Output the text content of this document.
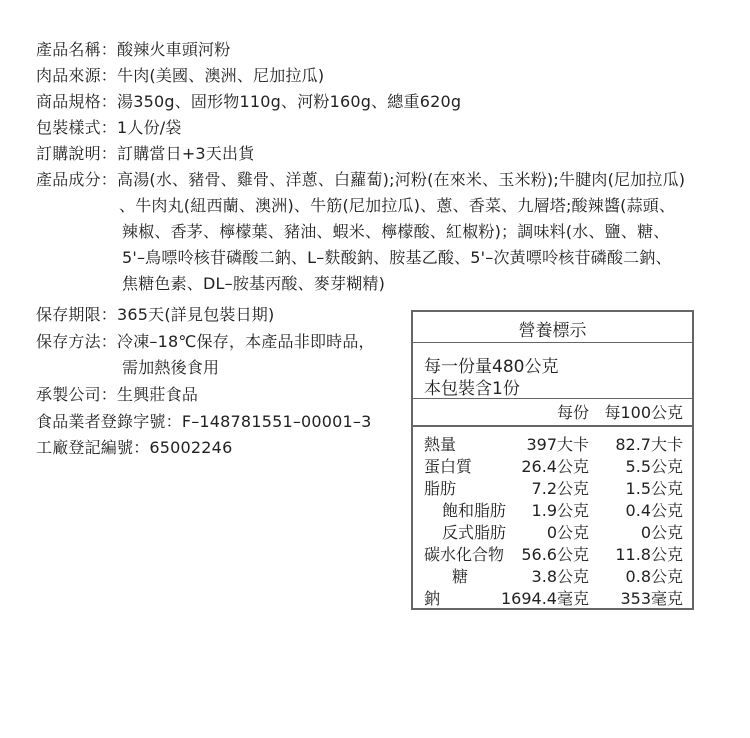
產品名稱：酸辣火車頭河粉
肉品來源：牛肉(美國、澳洲、尼加拉瓜)
商品規格：湯350g、固形物110g、河粉160g、總重620g
包裝樣式：1人份/袋
訂購說明：訂購當日+3天出貨
產品成分：高湯(水、豬骨、雞骨、洋蔥、白蘿蔔);河粉(在來米、玉米粉);牛腱肉(尼加拉瓜)
、牛肉丸(紐西蘭、澳洲)、牛筋(尼加拉瓜)、蔥、香菜、九層塔;酸辣醬(蒜頭、
辣椒、香茅、檸檬葉、豬油、蝦米、檸檬酸、紅椒粉)；調味料(水、鹽、糖、
5'–鳥嘌呤核苷磷酸二鈉、L–麩酸鈉、胺基乙酸、5'–次黃嘌呤核苷磷酸二鈉、
焦糖色素、DL–胺基丙酸、麥芽糊精)
保存期限：365天(詳見包裝日期)
保存方法：冷凍–18℃保存，本產品非即時品，
需加熱後食用
承製公司：生興莊食品
食品業者登錄字號：F–148781551–00001–3
工廠登記編號：65002246
營養標示
每一份量480公克
本包裝含1份
每份 每100公克
熱量	397大卡 82.7大卡
蛋白質	26.4公克 5.5公克
脂肪	7.2公克 1.5公克
飽和脂肪 1.9公克 0.4公克
反式脂肪	0公克	0公克
碳水化合物 56.6公克 11.8公克
糖	3.8公克 0.8公克
鈉	1694.4毫克 353毫克
